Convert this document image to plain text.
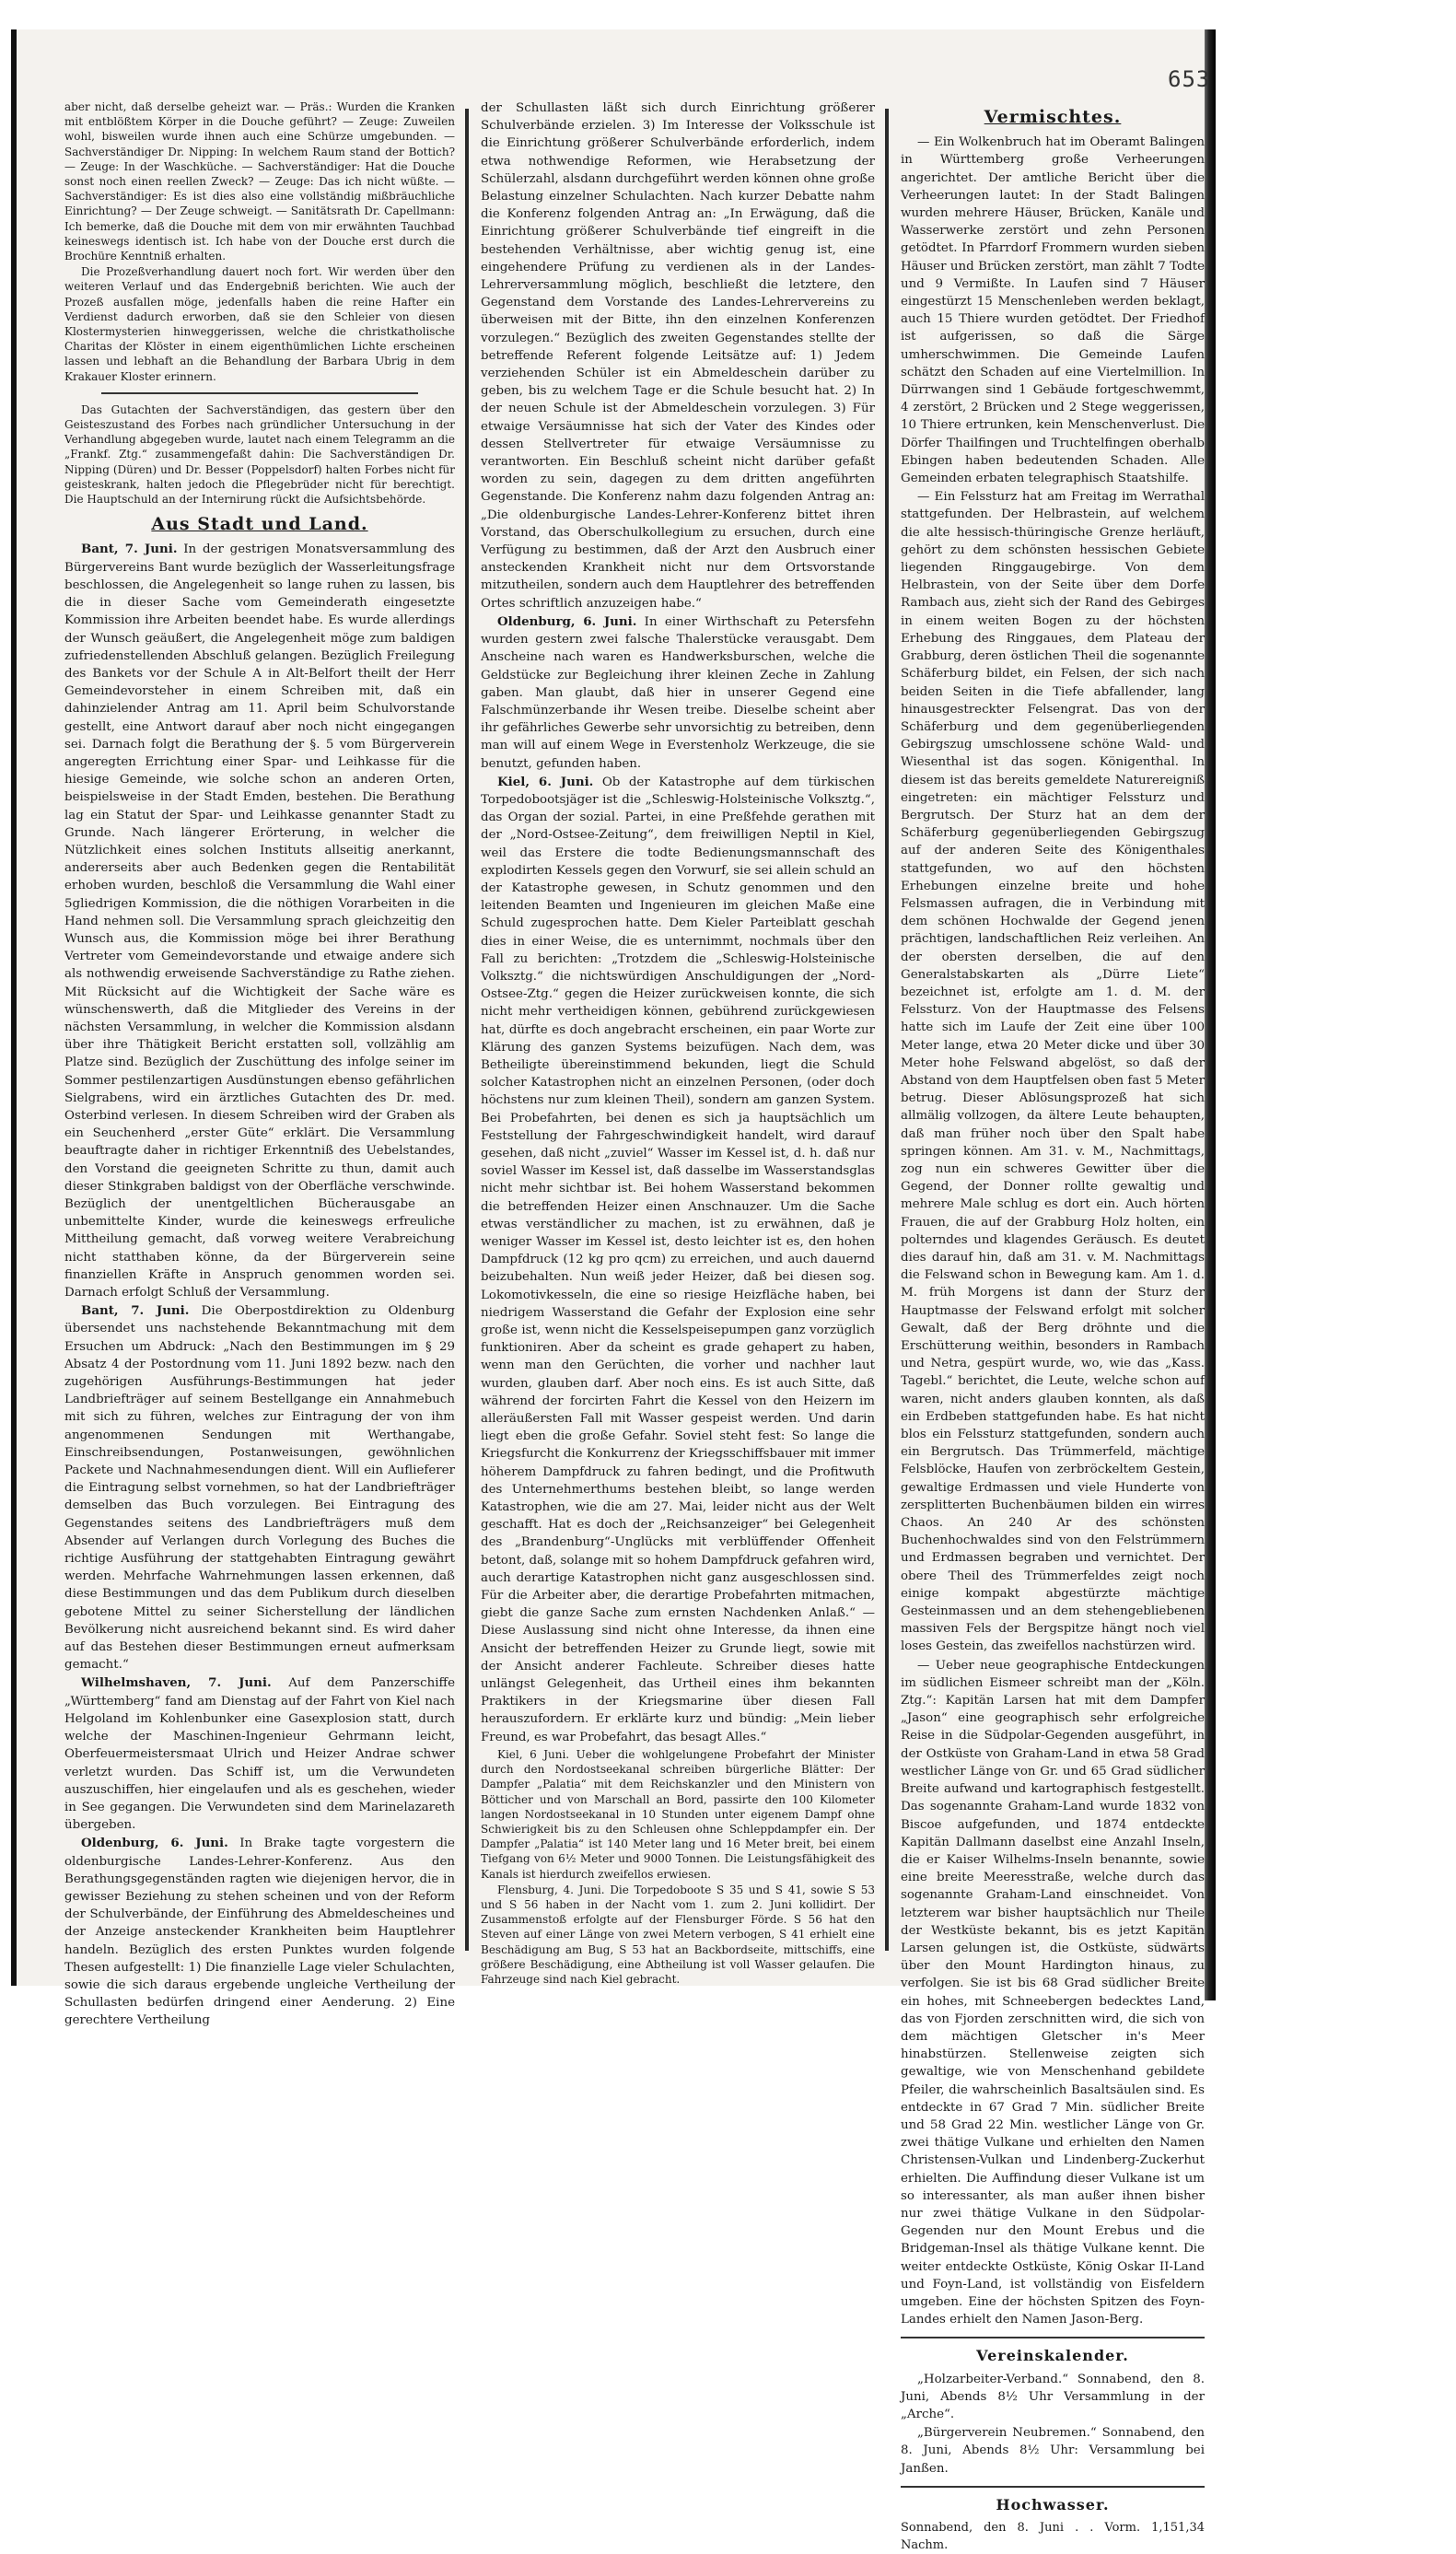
653

aber nicht, daß derselbe geheizt war. — Präs.: Wurden die Kranken mit entblößtem Körper in die Douche geführt? — Zeuge: Zuweilen wohl, bisweilen wurde ihnen auch eine Schürze umgebunden. — Sachverständiger Dr. Nipping: In welchem Raum stand der Bottich? — Zeuge: In der Waschküche. — Sachverständiger: Hat die Douche sonst noch einen reellen Zweck? — Zeuge: Das ich nicht wüßte. — Sachverständiger: Es ist dies also eine vollständig mißbräuchliche Einrichtung? — Der Zeuge schweigt. — Sanitätsrath Dr. Capellmann: Ich bemerke, daß die Douche mit dem von mir erwähnten Tauchbad keineswegs identisch ist. Ich habe von der Douche erst durch die Brochüre Kenntniß erhalten.

Die Prozeßverhandlung dauert noch fort. Wir werden über den weiteren Verlauf und das Endergebniß berichten. Wie auch der Prozeß ausfallen möge, jedenfalls haben die reine Hafter ein Verdienst dadurch erworben, daß sie den Schleier von diesen Klostermysterien hinweggerissen, welche die christkatholische Charitas der Klöster in einem eigenthümlichen Lichte erscheinen lassen und lebhaft an die Behandlung der Barbara Ubrig in dem Krakauer Kloster erinnern.

Das Gutachten der Sachverständigen, das gestern über den Geisteszustand des Forbes nach gründlicher Untersuchung in der Verhandlung abgegeben wurde, lautet nach einem Telegramm an die „Frankf. Ztg.“ zusammengefaßt dahin: Die Sachverständigen Dr. Nipping (Düren) und Dr. Besser (Poppelsdorf) halten Forbes nicht für geisteskrank, halten jedoch die Pflegebrüder nicht für berechtigt. Die Hauptschuld an der Internirung rückt die Aufsichtsbehörde.

Aus Stadt und Land.

Bant, 7. Juni. In der gestrigen Monatsversammlung des Bürgervereins Bant wurde bezüglich der Wasserleitungsfrage beschlossen, die Angelegenheit so lange ruhen zu lassen, bis die in dieser Sache vom Gemeinderath eingesetzte Kommission ihre Arbeiten beendet habe. Es wurde allerdings der Wunsch geäußert, die Angelegenheit möge zum baldigen zufriedenstellenden Abschluß gelangen. Bezüglich Freilegung des Bankets vor der Schule A in Alt-Belfort theilt der Herr Gemeindevorsteher in einem Schreiben mit, daß ein dahinzielender Antrag am 11. April beim Schulvorstande gestellt, eine Antwort darauf aber noch nicht eingegangen sei. Darnach folgt die Berathung der §. 5 vom Bürgerverein angeregten Errichtung einer Spar- und Leihkasse für die hiesige Gemeinde, wie solche schon an anderen Orten, beispielsweise in der Stadt Emden, bestehen. Die Berathung lag ein Statut der Spar- und Leihkasse genannter Stadt zu Grunde. Nach längerer Erörterung, in welcher die Nützlichkeit eines solchen Instituts allseitig anerkannt, andererseits aber auch Bedenken gegen die Rentabilität erhoben wurden, beschloß die Versammlung die Wahl einer 5gliedrigen Kommission, die die nöthigen Vorarbeiten in die Hand nehmen soll. Die Versammlung sprach gleichzeitig den Wunsch aus, die Kommission möge bei ihrer Berathung Vertreter vom Gemeindevorstande und etwaige andere sich als nothwendig erweisende Sachverständige zu Rathe ziehen. Mit Rücksicht auf die Wichtigkeit der Sache wäre es wünschenswerth, daß die Mitglieder des Vereins in der nächsten Versammlung, in welcher die Kommission alsdann über ihre Thätigkeit Bericht erstatten soll, vollzählig am Platze sind. Bezüglich der Zuschüttung des infolge seiner im Sommer pestilenzartigen Ausdünstungen ebenso gefährlichen Sielgrabens, wird ein ärztliches Gutachten des Dr. med. Osterbind verlesen. In diesem Schreiben wird der Graben als ein Seuchenherd „erster Güte“ erklärt. Die Versammlung beauftragte daher in richtiger Erkenntniß des Uebelstandes, den Vorstand die geeigneten Schritte zu thun, damit auch dieser Stinkgraben baldigst von der Oberfläche verschwinde. Bezüglich der unentgeltlichen Bücherausgabe an unbemittelte Kinder, wurde die keineswegs erfreuliche Mittheilung gemacht, daß vorweg weitere Verabreichung nicht statthaben könne, da der Bürgerverein seine finanziellen Kräfte in Anspruch genommen worden sei. Darnach erfolgt Schluß der Versammlung.

Bant, 7. Juni. Die Oberpostdirektion zu Oldenburg übersendet uns nachstehende Bekanntmachung mit dem Ersuchen um Abdruck: „Nach den Bestimmungen im § 29 Absatz 4 der Postordnung vom 11. Juni 1892 bezw. nach den zugehörigen Ausführungs-Bestimmungen hat jeder Landbriefträger auf seinem Bestellgange ein Annahmebuch mit sich zu führen, welches zur Eintragung der von ihm angenommenen Sendungen mit Werthangabe, Einschreibsendungen, Postanweisungen, gewöhnlichen Packete und Nachnahmesendungen dient. Will ein Auflieferer die Eintragung selbst vornehmen, so hat der Landbriefträger demselben das Buch vorzulegen. Bei Eintragung des Gegenstandes seitens des Landbriefträgers muß dem Absender auf Verlangen durch Vorlegung des Buches die richtige Ausführung der stattgehabten Eintragung gewährt werden. Mehrfache Wahrnehmungen lassen erkennen, daß diese Bestimmungen und das dem Publikum durch dieselben gebotene Mittel zu seiner Sicherstellung der ländlichen Bevölkerung nicht ausreichend bekannt sind. Es wird daher auf das Bestehen dieser Bestimmungen erneut aufmerksam gemacht.“

Wilhelmshaven, 7. Juni. Auf dem Panzerschiffe „Württemberg“ fand am Dienstag auf der Fahrt von Kiel nach Helgoland im Kohlenbunker eine Gasexplosion statt, durch welche der Maschinen-Ingenieur Gehrmann leicht, Oberfeuermeistersmaat Ulrich und Heizer Andrae schwer verletzt wurden. Das Schiff ist, um die Verwundeten auszuschiffen, hier eingelaufen und als es geschehen, wieder in See gegangen. Die Verwundeten sind dem Marinelazareth übergeben.

Oldenburg, 6. Juni. In Brake tagte vorgestern die oldenburgische Landes-Lehrer-Konferenz. Aus den Berathungsgegenständen ragten wie diejenigen hervor, die in gewisser Beziehung zu stehen scheinen und von der Reform der Schulverbände, der Einführung des Abmeldescheines und der Anzeige ansteckender Krankheiten beim Hauptlehrer handeln. Bezüglich des ersten Punktes wurden folgende Thesen aufgestellt: 1) Die finanzielle Lage vieler Schulachten, sowie die sich daraus ergebende ungleiche Vertheilung der Schullasten bedürfen dringend einer Aenderung. 2) Eine gerechtere Vertheilung

der Schullasten läßt sich durch Einrichtung größerer Schulverbände erzielen. 3) Im Interesse der Volksschule ist die Einrichtung größerer Schulverbände erforderlich, indem etwa nothwendige Reformen, wie Herabsetzung der Schülerzahl, alsdann durchgeführt werden können ohne große Belastung einzelner Schulachten. Nach kurzer Debatte nahm die Konferenz folgenden Antrag an: „In Erwägung, daß die Einrichtung größerer Schulverbände tief eingreift in die bestehenden Verhältnisse, aber wichtig genug ist, eine eingehendere Prüfung zu verdienen als in der Landes-Lehrerversammlung möglich, beschließt die letztere, den Gegenstand dem Vorstande des Landes-Lehrervereins zu überweisen mit der Bitte, ihn den einzelnen Konferenzen vorzulegen.“ Bezüglich des zweiten Gegenstandes stellte der betreffende Referent folgende Leitsätze auf: 1) Jedem verziehenden Schüler ist ein Abmeldeschein darüber zu geben, bis zu welchem Tage er die Schule besucht hat. 2) In der neuen Schule ist der Abmeldeschein vorzulegen. 3) Für etwaige Versäumnisse hat sich der Vater des Kindes oder dessen Stellvertreter für etwaige Versäumnisse zu verantworten. Ein Beschluß scheint nicht darüber gefaßt worden zu sein, dagegen zu dem dritten angeführten Gegenstande. Die Konferenz nahm dazu folgenden Antrag an: „Die oldenburgische Landes-Lehrer-Konferenz bittet ihren Vorstand, das Oberschulkollegium zu ersuchen, durch eine Verfügung zu bestimmen, daß der Arzt den Ausbruch einer ansteckenden Krankheit nicht nur dem Ortsvorstande mitzutheilen, sondern auch dem Hauptlehrer des betreffenden Ortes schriftlich anzuzeigen habe.“

Oldenburg, 6. Juni. In einer Wirthschaft zu Petersfehn wurden gestern zwei falsche Thalerstücke verausgabt. Dem Anscheine nach waren es Handwerksburschen, welche die Geldstücke zur Begleichung ihrer kleinen Zeche in Zahlung gaben. Man glaubt, daß hier in unserer Gegend eine Falschmünzerbande ihr Wesen treibe. Dieselbe scheint aber ihr gefährliches Gewerbe sehr unvorsichtig zu betreiben, denn man will auf einem Wege in Everstenholz Werkzeuge, die sie benutzt, gefunden haben.

Kiel, 6. Juni. Ob der Katastrophe auf dem türkischen Torpedobootsjäger ist die „Schleswig-Holsteinische Volksztg.“, das Organ der sozial. Partei, in eine Preßfehde gerathen mit der „Nord-Ostsee-Zeitung“, dem freiwilligen Neptil in Kiel, weil das Erstere die todte Bedienungsmannschaft des explodirten Kessels gegen den Vorwurf, sie sei allein schuld an der Katastrophe gewesen, in Schutz genommen und den leitenden Beamten und Ingenieuren im gleichen Maße eine Schuld zugesprochen hatte. Dem Kieler Parteiblatt geschah dies in einer Weise, die es unternimmt, nochmals über den Fall zu berichten: „Trotzdem die „Schleswig-Holsteinische Volksztg.“ die nichtswürdigen Anschuldigungen der „Nord-Ostsee-Ztg.“ gegen die Heizer zurückweisen konnte, die sich nicht mehr vertheidigen können, gebührend zurückgewiesen hat, dürfte es doch angebracht erscheinen, ein paar Worte zur Klärung des ganzen Systems beizufügen. Nach dem, was Betheiligte übereinstimmend bekunden, liegt die Schuld solcher Katastrophen nicht an einzelnen Personen, (oder doch höchstens nur zum kleinen Theil), sondern am ganzen System. Bei Probefahrten, bei denen es sich ja hauptsächlich um Feststellung der Fahrgeschwindigkeit handelt, wird darauf gesehen, daß nicht „zuviel“ Wasser im Kessel ist, d. h. daß nur soviel Wasser im Kessel ist, daß dasselbe im Wasserstandsglas nicht mehr sichtbar ist. Bei hohem Wasserstand bekommen die betreffenden Heizer einen Anschnauzer. Um die Sache etwas verständlicher zu machen, ist zu erwähnen, daß je weniger Wasser im Kessel ist, desto leichter ist es, den hohen Dampfdruck (12 kg pro qcm) zu erreichen, und auch dauernd beizubehalten. Nun weiß jeder Heizer, daß bei diesen sog. Lokomotivkesseln, die eine so riesige Heizfläche haben, bei niedrigem Wasserstand die Gefahr der Explosion eine sehr große ist, wenn nicht die Kesselspeisepumpen ganz vorzüglich funktioniren. Aber da scheint es grade gehapert zu haben, wenn man den Gerüchten, die vorher und nachher laut wurden, glauben darf. Aber noch eins. Es ist auch Sitte, daß während der forcirten Fahrt die Kessel von den Heizern im alleräußersten Fall mit Wasser gespeist werden. Und darin liegt eben die große Gefahr. Soviel steht fest: So lange die Kriegsfurcht die Konkurrenz der Kriegsschiffsbauer mit immer höherem Dampfdruck zu fahren bedingt, und die Profitwuth des Unternehmerthums bestehen bleibt, so lange werden Katastrophen, wie die am 27. Mai, leider nicht aus der Welt geschafft. Hat es doch der „Reichsanzeiger“ bei Gelegenheit des „Brandenburg“-Unglücks mit verblüffender Offenheit betont, daß, solange mit so hohem Dampfdruck gefahren wird, auch derartige Katastrophen nicht ganz ausgeschlossen sind. Für die Arbeiter aber, die derartige Probefahrten mitmachen, giebt die ganze Sache zum ernsten Nachdenken Anlaß.“ — Diese Auslassung sind nicht ohne Interesse, da ihnen eine Ansicht der betreffenden Heizer zu Grunde liegt, sowie mit der Ansicht anderer Fachleute. Schreiber dieses hatte unlängst Gelegenheit, das Urtheil eines ihm bekannten Praktikers in der Kriegsmarine über diesen Fall herauszufordern. Er erklärte kurz und bündig: „Mein lieber Freund, es war Probefahrt, das besagt Alles.“

Kiel, 6 Juni. Ueber die wohlgelungene Probefahrt der Minister durch den Nordostseekanal schreiben bürgerliche Blätter: Der Dampfer „Palatia“ mit dem Reichskanzler und den Ministern von Bötticher und von Marschall an Bord, passirte den 100 Kilometer langen Nordostseekanal in 10 Stunden unter eigenem Dampf ohne Schwierigkeit bis zu den Schleusen ohne Schleppdampfer ein. Der Dampfer „Palatia“ ist 140 Meter lang und 16 Meter breit, bei einem Tiefgang von 6½ Meter und 9000 Tonnen. Die Leistungsfähigkeit des Kanals ist hierdurch zweifellos erwiesen.

Flensburg, 4. Juni. Die Torpedoboote S 35 und S 41, sowie S 53 und S 56 haben in der Nacht vom 1. zum 2. Juni kollidirt. Der Zusammenstoß erfolgte auf der Flensburger Förde. S 56 hat den Steven auf einer Länge von zwei Metern verbogen, S 41 erhielt eine Beschädigung am Bug, S 53 hat an Backbordseite, mittschiffs, eine größere Beschädigung, eine Abtheilung ist voll Wasser gelaufen. Die Fahrzeuge sind nach Kiel gebracht.

Vermischtes.

— Ein Wolkenbruch hat im Oberamt Balingen in Württemberg große Verheerungen angerichtet. Der amtliche Bericht über die Verheerungen lautet: In der Stadt Balingen wurden mehrere Häuser, Brücken, Kanäle und Wasserwerke zerstört und zehn Personen getödtet. In Pfarrdorf Frommern wurden sieben Häuser und Brücken zerstört, man zählt 7 Todte und 9 Vermißte. In Laufen sind 7 Häuser eingestürzt 15 Menschenleben werden beklagt, auch 15 Thiere wurden getödtet. Der Friedhof ist aufgerissen, so daß die Särge umherschwimmen. Die Gemeinde Laufen schätzt den Schaden auf eine Viertelmillion. In Dürrwangen sind 1 Gebäude fortgeschwemmt, 4 zerstört, 2 Brücken und 2 Stege weggerissen, 10 Thiere ertrunken, kein Menschenverlust. Die Dörfer Thailfingen und Truchtelfingen oberhalb Ebingen haben bedeutenden Schaden. Alle Gemeinden erbaten telegraphisch Staatshilfe.

— Ein Felssturz hat am Freitag im Werrathal stattgefunden. Der Helbrastein, auf welchem die alte hessisch-thüringische Grenze herläuft, gehört zu dem schönsten hessischen Gebiete liegenden Ringgaugebirge. Von dem Helbrastein, von der Seite über dem Dorfe Rambach aus, zieht sich der Rand des Gebirges in einem weiten Bogen zu der höchsten Erhebung des Ringgaues, dem Plateau der Grabburg, deren östlichen Theil die sogenannte Schäferburg bildet, ein Felsen, der sich nach beiden Seiten in die Tiefe abfallender, lang hinausgestreckter Felsengrat. Das von der Schäferburg und dem gegenüberliegenden Gebirgszug umschlossene schöne Wald- und Wiesenthal ist das sogen. Königenthal. In diesem ist das bereits gemeldete Naturereigniß eingetreten: ein mächtiger Felssturz und Bergrutsch. Der Sturz hat an dem der Schäferburg gegenüberliegenden Gebirgszug auf der anderen Seite des Königenthales stattgefunden, wo auf den höchsten Erhebungen einzelne breite und hohe Felsmassen aufragen, die in Verbindung mit dem schönen Hochwalde der Gegend jenen prächtigen, landschaftlichen Reiz verleihen. An der obersten derselben, die auf den Generalstabskarten als „Dürre Liete“ bezeichnet ist, erfolgte am 1. d. M. der Felssturz. Von der Hauptmasse des Felsens hatte sich im Laufe der Zeit eine über 100 Meter lange, etwa 20 Meter dicke und über 30 Meter hohe Felswand abgelöst, so daß der Abstand von dem Hauptfelsen oben fast 5 Meter betrug. Dieser Ablösungsprozeß hat sich allmälig vollzogen, da ältere Leute behaupten, daß man früher noch über den Spalt habe springen können. Am 31. v. M., Nachmittags, zog nun ein schweres Gewitter über die Gegend, der Donner rollte gewaltig und mehrere Male schlug es dort ein. Auch hörten Frauen, die auf der Grabburg Holz holten, ein polterndes und klagendes Geräusch. Es deutet dies darauf hin, daß am 31. v. M. Nachmittags die Felswand schon in Bewegung kam. Am 1. d. M. früh Morgens ist dann der Sturz der Hauptmasse der Felswand erfolgt mit solcher Gewalt, daß der Berg dröhnte und die Erschütterung weithin, besonders in Rambach und Netra, gespürt wurde, wo, wie das „Kass. Tagebl.“ berichtet, die Leute, welche schon auf waren, nicht anders glauben konnten, als daß ein Erdbeben stattgefunden habe. Es hat nicht blos ein Felssturz stattgefunden, sondern auch ein Bergrutsch. Das Trümmerfeld, mächtige Felsblöcke, Haufen von zerbröckeltem Gestein, gewaltige Erdmassen und viele Hunderte von zersplitterten Buchenbäumen bilden ein wirres Chaos. An 240 Ar des schönsten Buchenhochwaldes sind von den Felstrümmern und Erdmassen begraben und vernichtet. Der obere Theil des Trümmerfeldes zeigt noch einige kompakt abgestürzte mächtige Gesteinmassen und an dem stehengebliebenen massiven Fels der Bergspitze hängt noch viel loses Gestein, das zweifellos nachstürzen wird.

— Ueber neue geographische Entdeckungen im südlichen Eismeer schreibt man der „Köln. Ztg.“: Kapitän Larsen hat mit dem Dampfer „Jason“ eine geographisch sehr erfolgreiche Reise in die Südpolar-Gegenden ausgeführt, in der Ostküste von Graham-Land in etwa 58 Grad westlicher Länge von Gr. und 65 Grad südlicher Breite aufwand und kartographisch festgestellt. Das sogenannte Graham-Land wurde 1832 von Biscoe aufgefunden, und 1874 entdeckte Kapitän Dallmann daselbst eine Anzahl Inseln, die er Kaiser Wilhelms-Inseln benannte, sowie eine breite Meeresstraße, welche durch das sogenannte Graham-Land einschneidet. Von letzterem war bisher hauptsächlich nur Theile der Westküste bekannt, bis es jetzt Kapitän Larsen gelungen ist, die Ostküste, südwärts über den Mount Hardington hinaus, zu verfolgen. Sie ist bis 68 Grad südlicher Breite ein hohes, mit Schneebergen bedecktes Land, das von Fjorden zerschnitten wird, die sich von dem mächtigen Gletscher in's Meer hinabstürzen. Stellenweise zeigten sich gewaltige, wie von Menschenhand gebildete Pfeiler, die wahrscheinlich Basaltsäulen sind. Es entdeckte in 67 Grad 7 Min. südlicher Breite und 58 Grad 22 Min. westlicher Länge von Gr. zwei thätige Vulkane und erhielten den Namen Christensen-Vulkan und Lindenberg-Zuckerhut erhielten. Die Auffindung dieser Vulkane ist um so interessanter, als man außer ihnen bisher nur zwei thätige Vulkane in den Südpolar-Gegenden nur den Mount Erebus und die Bridgeman-Insel als thätige Vulkane kennt. Die weiter entdeckte Ostküste, König Oskar II-Land und Foyn-Land, ist vollständig von Eisfeldern umgeben. Eine der höchsten Spitzen des Foyn-Landes erhielt den Namen Jason-Berg.

Vereinskalender.

„Holzarbeiter-Verband.“ Sonnabend, den 8. Juni, Abends 8½ Uhr Versammlung in der „Arche“.

„Bürgerverein Neubremen.“ Sonnabend, den 8. Juni, Abends 8½ Uhr: Versammlung bei Janßen.

Hochwasser.
Sonnabend, den 8. Juni . . Vorm. 1,15 Nachm.
1,34
